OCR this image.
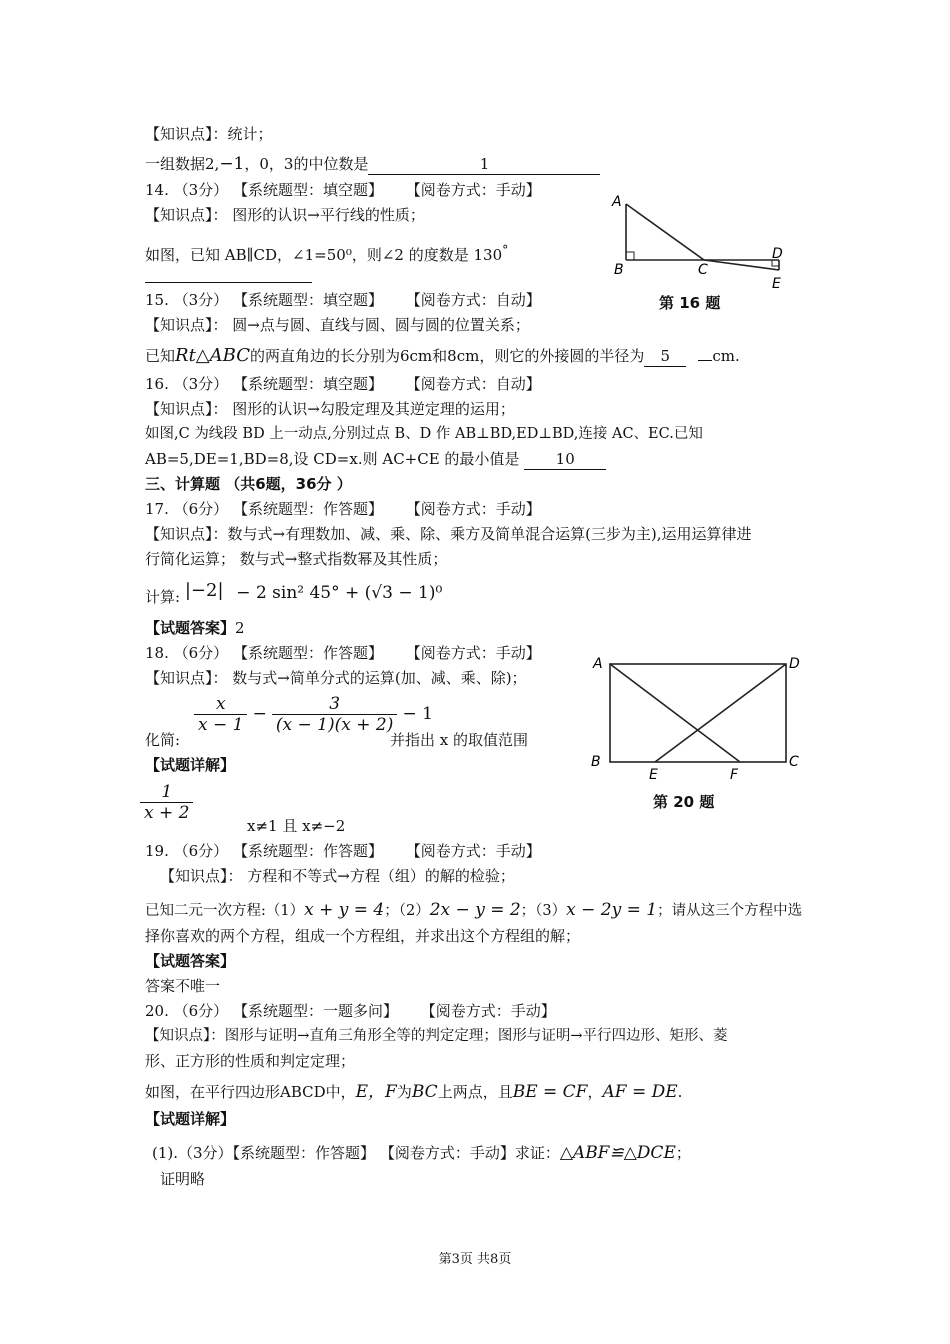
【知识点】：统计；
一组数据2,−1，0，3的中位数是	1
14. （3分） 【系统题型：填空题】 【阅卷方式：手动】
【知识点】： 图形的认识→平行线的性质；
如图，已知 AB∥CD，∠1=50⁰，则∠2 的度数是 130°
A
B	C
D
E
第 16 题
15. （3分） 【系统题型：填空题】 【阅卷方式：自动】
【知识点】： 圆→点与圆、直线与圆、圆与圆的位置关系；
已知Rt△ABC的两直角边的长分别为6cm和8cm，则它的外接圆的半径为 5	cm.
16. （3分） 【系统题型：填空题】 【阅卷方式：自动】
【知识点】： 图形的认识→勾股定理及其逆定理的运用；
如图,C 为线段 BD 上一动点,分别过点 B、D 作 AB⊥BD,ED⊥BD,连接 AC、EC.已知
AB=5,DE=1,BD=8,设 CD=x.则 AC+CE 的最小值是 10
三、计算题 （共6题，36分 ）
17. （6分） 【系统题型：作答题】 【阅卷方式：手动】
【知识点】：数与式→有理数加、减、乘、除、乘方及简单混合运算(三步为主),运用运算律进
行简化运算； 数与式→整式指数幂及其性质；
计算: |−2| − 2 sin² 45° + (√3 − 1)⁰
【试题答案】2
18. （6分） 【系统题型：作答题】 【阅卷方式：手动】
【知识点】： 数与式→简单分式的运算(加、减、乘、除)；
化简:
$\frac{x}{x - 1} - \frac{3}{(x - 1)(x + 2)} - 1$
并指出 x 的取值范围
【试题详解】
$\frac{1}{x + 2}$
x≠1 且 x≠−2
A	D
B	C
E	F
第 20 题
19. （6分） 【系统题型：作答题】 【阅卷方式：手动】
【知识点】： 方程和不等式→方程（组）的解的检验；
已知二元一次方程:（1）x + y = 4；（2）2x − y = 2；（3）x − 2y = 1；请从这三个方程中选
择你喜欢的两个方程，组成一个方程组，并求出这个方程组的解；
【试题答案】
答案不唯一
20. （6分） 【系统题型：一题多问】 【阅卷方式：手动】
【知识点】：图形与证明→直角三角形全等的判定定理；图形与证明→平行四边形、矩形、菱
形、正方形的性质和判定定理；
如图，在平行四边形ABCD中，E，F为BC上两点，且BE = CF，AF = DE.
【试题详解】
(1).（3分）【系统题型：作答题】 【阅卷方式：手动】求证：△ABF≌△DCE；
证明略
第3页 共8页
